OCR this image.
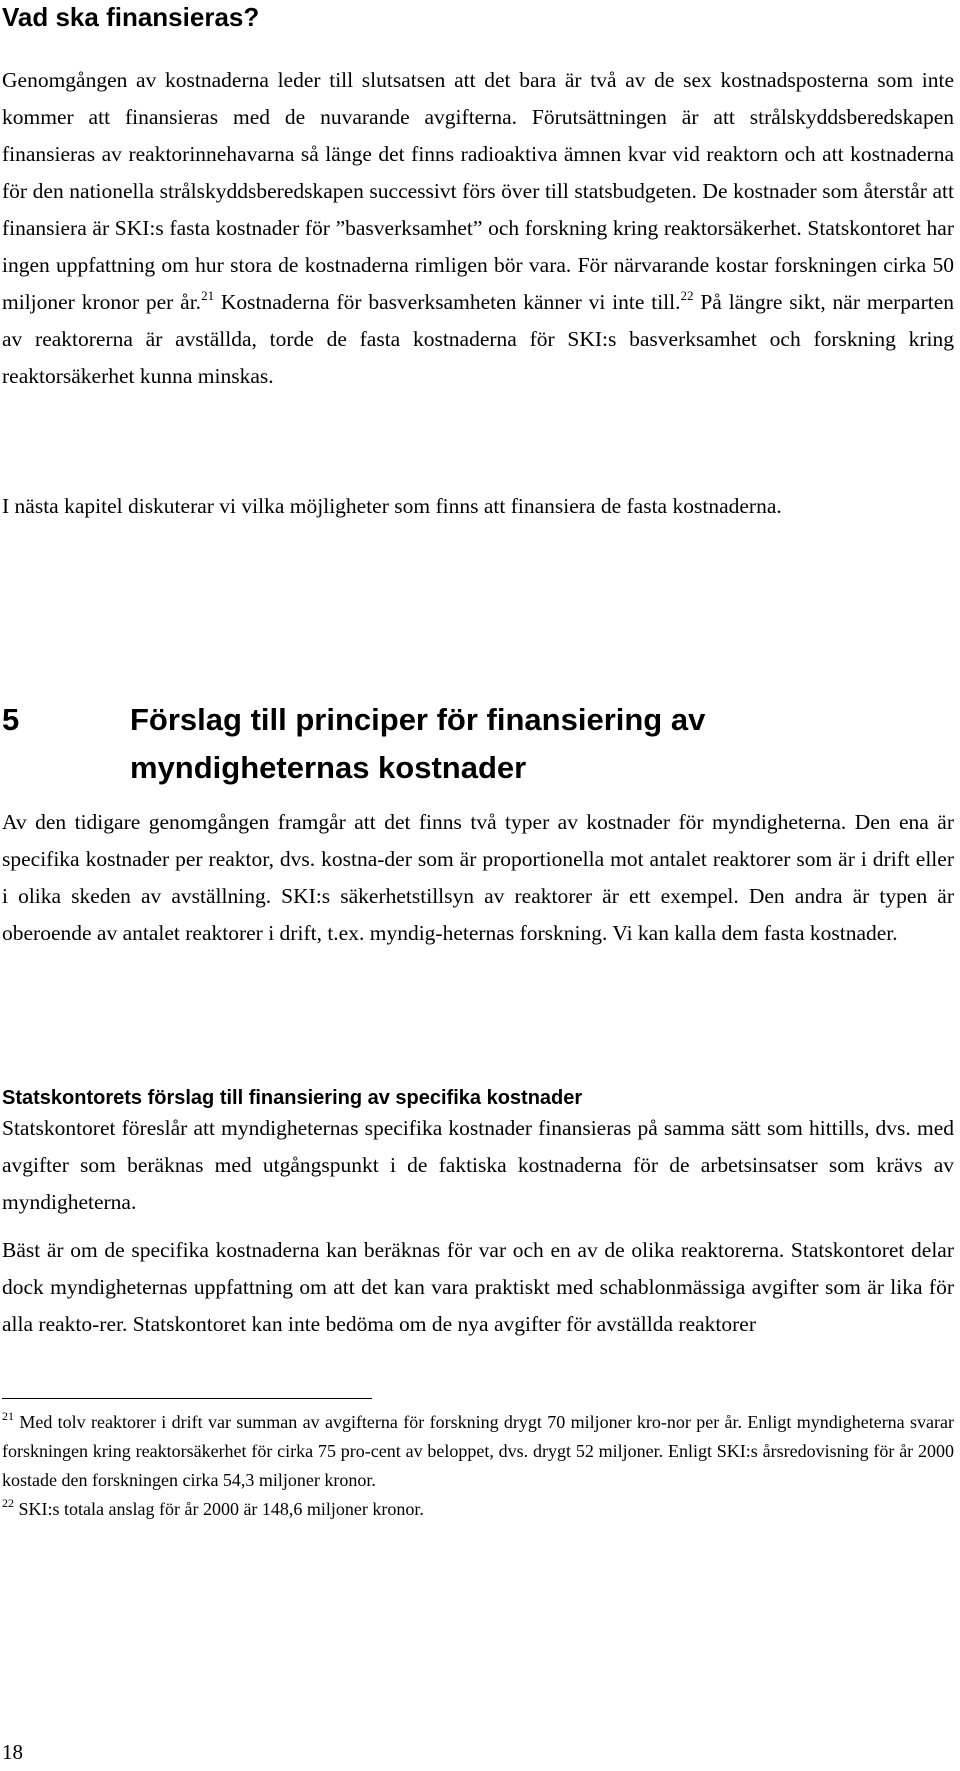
Vad ska finansieras?

Genomgången av kostnaderna leder till slutsatsen att det bara är två av de sex kostnadsposterna som inte kommer att finansieras med de nuvarande avgifterna. Förutsättningen är att strålskyddsberedskapen finansieras av reaktorinnehavarna så länge det finns radioaktiva ämnen kvar vid reaktorn och att kostnaderna för den nationella strålskyddsberedskapen successivt förs över till statsbudgeten. De kostnader som återstår att finansiera är SKI:s fasta kostnader för ”basverksamhet” och forskning kring reaktorsäkerhet. Statskontoret har ingen uppfattning om hur stora de kostnaderna rimligen bör vara. För närvarande kostar forskningen cirka 50 miljoner kronor per år.$^{21}$ Kostnaderna för basverksamheten känner vi inte till.$^{22}$ På längre sikt, när merparten av reaktorerna är avställda, torde de fasta kostnaderna för SKI:s basverksamhet och forskning kring reaktorsäkerhet kunna minskas.

I nästa kapitel diskuterar vi vilka möjligheter som finns att finansiera de fasta kostnaderna.

5	Förslag till principer för finansiering av myndigheternas kostnader

Av den tidigare genomgången framgår att det finns två typer av kostnader för myndigheterna. Den ena är specifika kostnader per reaktor, dvs. kostna-der som är proportionella mot antalet reaktorer som är i drift eller i olika skeden av avställning. SKI:s säkerhetstillsyn av reaktorer är ett exempel. Den andra är typen är oberoende av antalet reaktorer i drift, t.ex. myndig-heternas forskning. Vi kan kalla dem fasta kostnader.

Statskontorets förslag till finansiering av specifika kostnader

Statskontoret föreslår att myndigheternas specifika kostnader finansieras på samma sätt som hittills, dvs. med avgifter som beräknas med utgångspunkt i de faktiska kostnaderna för de arbetsinsatser som krävs av myndigheterna.

Bäst är om de specifika kostnaderna kan beräknas för var och en av de olika reaktorerna. Statskontoret delar dock myndigheternas uppfattning om att det kan vara praktiskt med schablonmässiga avgifter som är lika för alla reakto-rer. Statskontoret kan inte bedöma om de nya avgifter för avställda reaktorer

$^{21}$ Med tolv reaktorer i drift var summan av avgifterna för forskning drygt 70 miljoner kro-nor per år. Enligt myndigheterna svarar forskningen kring reaktorsäkerhet för cirka 75 pro-cent av beloppet, dvs. drygt 52 miljoner. Enligt SKI:s årsredovisning för år 2000 kostade den forskningen cirka 54,3 miljoner kronor.

$^{22}$ SKI:s totala anslag för år 2000 är 148,6 miljoner kronor.

18
